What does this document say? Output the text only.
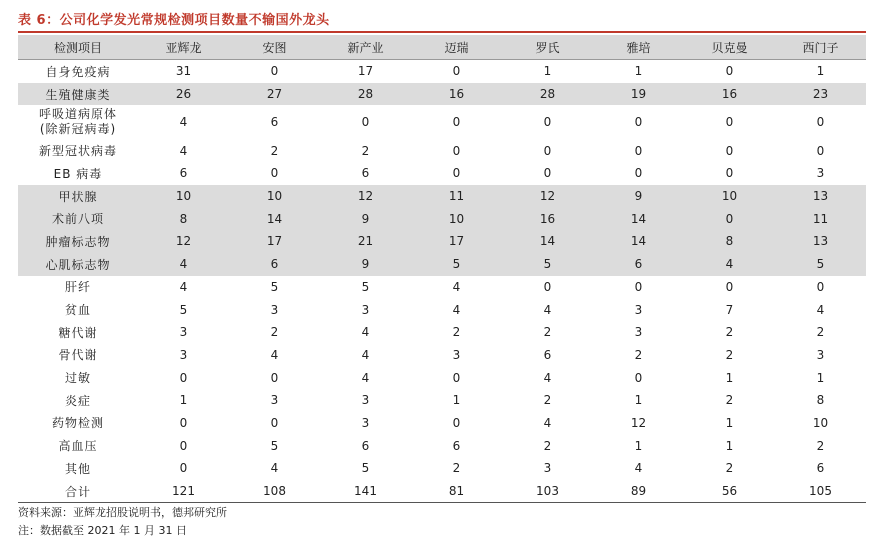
表 6：公司化学发光常规检测项目数量不输国外龙头
检测项目	亚辉龙	安图	新产业	迈瑞	罗氏	雅培	贝克曼	西门子
自身免疫病	31	0	17	0	1	1	0	1
生殖健康类	26	27	28	16	28	19	16	23
呼吸道病原体
(除新冠病毒)	4	6	0	0	0	0	0	0
新型冠状病毒	4	2	2	0	0	0	0	0
EB 病毒	6	0	6	0	0	0	0	3
甲状腺	10	10	12	11	12	9	10	13
术前八项	8	14	9	10	16	14	0	11
肿瘤标志物	12	17	21	17	14	14	8	13
心肌标志物	4	6	9	5	5	6	4	5
肝纤	4	5	5	4	0	0	0	0
贫血	5	3	3	4	4	3	7	4
糖代谢	3	2	4	2	2	3	2	2
骨代谢	3	4	4	3	6	2	2	3
过敏	0	0	4	0	4	0	1	1
炎症	1	3	3	1	2	1	2	8
药物检测	0	0	3	0	4	12	1	10
高血压	0	5	6	6	2	1	1	2
其他	0	4	5	2	3	4	2	6
合计	121	108	141	81	103	89	56	105
资料来源：亚辉龙招股说明书，德邦研究所
注：数据截至 2021 年 1 月 31 日
